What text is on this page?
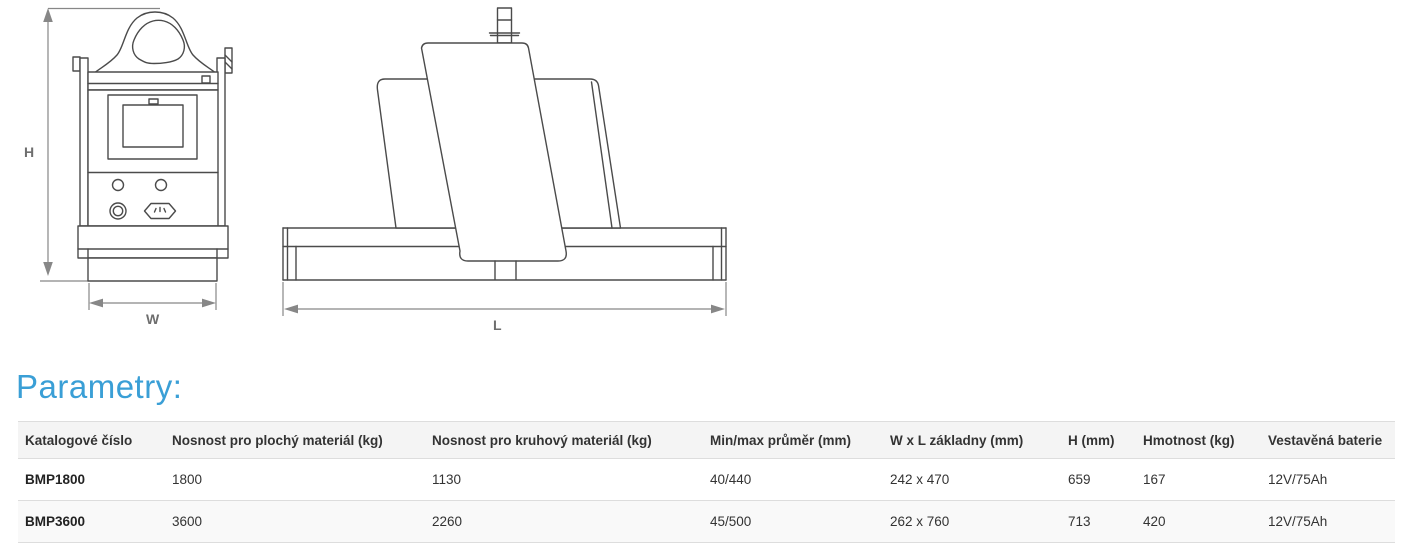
H
W	L
Parametry:
Katalogové číslo	Nosnost pro plochý materiál (kg)	Nosnost pro kruhový materiál (kg)	Min/max průměr (mm)	W x L základny (mm)	H (mm)	Hmotnost (kg)	Vestavěná baterie
BMP1800	1800	1130	40/440	242 x 470	659	167	12V/75Ah
BMP3600	3600	2260	45/500	262 x 760	713	420	12V/75Ah
